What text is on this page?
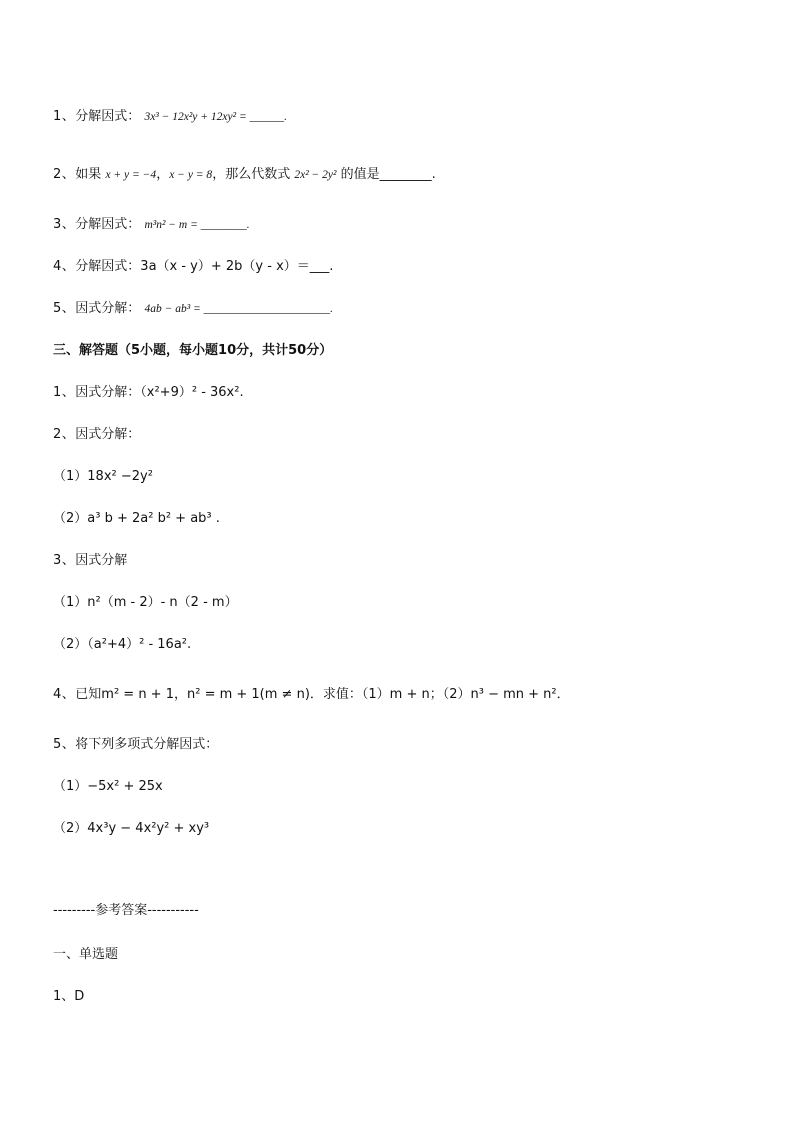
1、分解因式： 3x³ − 12x²y + 12xy² = ______.
2、如果 x + y = −4，x − y = 8，那么代数式 2x² − 2y² 的值是________.
3、分解因式： m³n² − m = ________.
4、分解因式：3a（x - y）+ 2b（y - x）＝___.
5、因式分解： 4ab − ab³ = ______________________.
三、解答题（5小题，每小题10分，共计50分）
1、因式分解：（x²+9）² - 36x².
2、因式分解：
（1）18x² −2y²
（2）a³ b + 2a² b² + ab³ .
3、因式分解
（1）n²（m - 2）- n（2 - m）
（2）（a²+4）² - 16a².
4、已知m² = n + 1，n² = m + 1(m ≠ n)．求值：（1）m + n；（2）n³ − mn + n²．
5、将下列多项式分解因式：
（1）−5x² + 25x
（2）4x³y − 4x²y² + xy³
---------参考答案-----------
一、单选题
1、D
